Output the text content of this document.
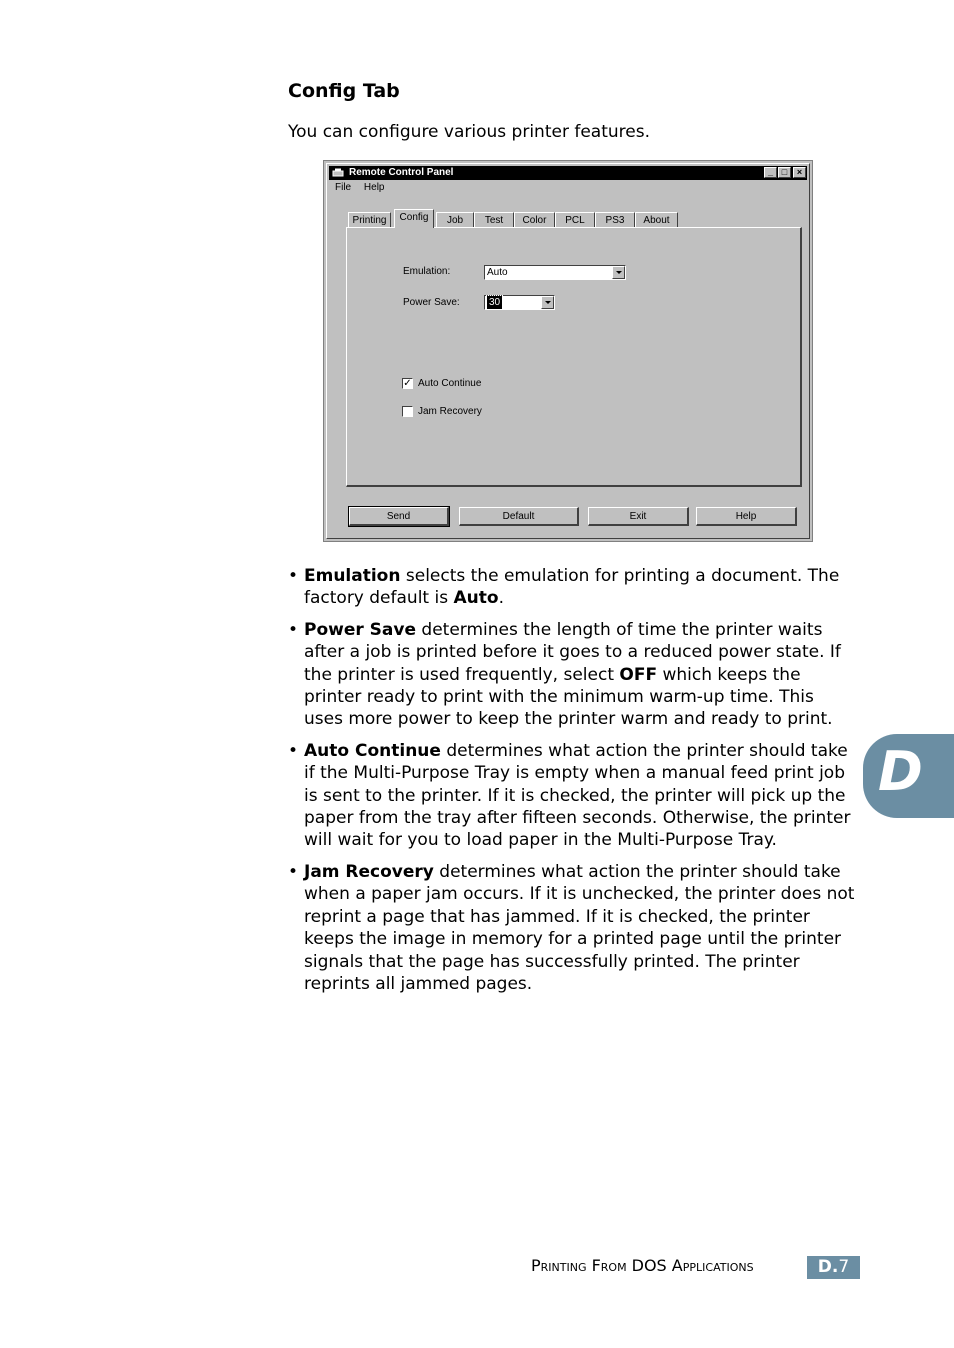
Config Tab

You can configure various printer features.

Remote Control Panel	_ □	×
File Help
Emulation:	Auto
Power Save:	30
✓ Auto Continue
Jam Recovery
Printing	Config	Job	Test	Color	PCL	PS3	About
Send	Default	Exit	Help
• Emulation selects the emulation for printing a document. The factory default is Auto.
• Power Save determines the length of time the printer waits after a job is printed before it goes to a reduced power state. If the printer is used frequently, select OFF which keeps the printer ready to print with the minimum warm-up time. This uses more power to keep the printer warm and ready to print.
• Auto Continue determines what action the printer should take if the Multi-Purpose Tray is empty when a manual feed print job is sent to the printer. If it is checked, the printer will pick up the paper from the tray after fifteen seconds. Otherwise, the printer will wait for you to load paper in the Multi-Purpose Tray.
• Jam Recovery determines what action the printer should take when a paper jam occurs. If it is unchecked, the printer does not reprint a page that has jammed. If it is checked, the printer keeps the image in memory for a printed page until the printer signals that the page has successfully printed. The printer reprints all jammed pages.
D
Printing From DOS Applications	D.7
